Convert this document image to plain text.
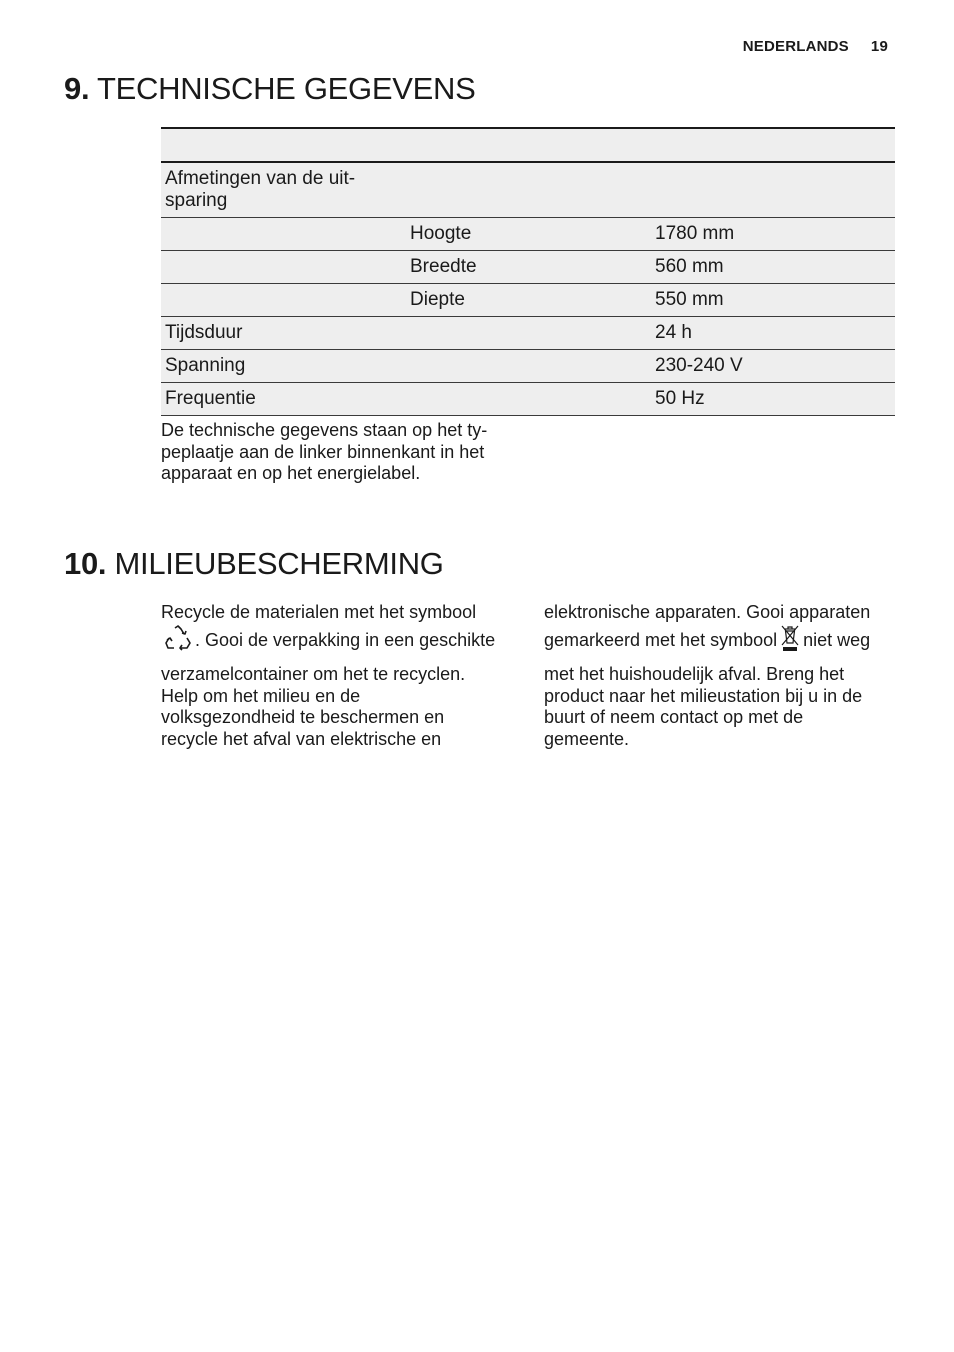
NEDERLANDS 19
9. TECHNISCHE GEGEVENS

Afmetingen van de uit-
sparing		
	Hoogte	1780 mm
	Breedte	560 mm
	Diepte	550 mm
Tijdsduur		24 h
Spanning		230-240 V
Frequentie		50 Hz
De technische gegevens staan op het ty-
peplaatje aan de linker binnenkant in het
apparaat en op het energielabel.
10. MILIEUBESCHERMING

Recycle de materialen met het symbool

. Gooi de verpakking in een geschikte

verzamelcontainer om het te recyclen.
Help om het milieu en de
volksgezondheid te beschermen en
recycle het afval van elektrische en

elektronische apparaten. Gooi apparaten

gemarkeerd met het symbool niet weg

met het huishoudelijk afval. Breng het
product naar het milieustation bij u in de
buurt of neem contact op met de
gemeente.
